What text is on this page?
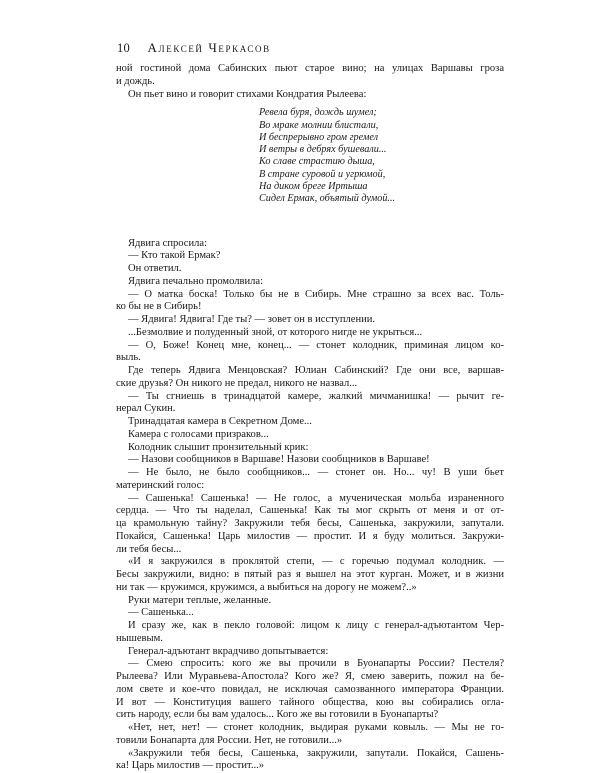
10 Алексей Черкасов
ной гостиной дома Сабинских пьют старое вино; на улицах Варшавы гроза
и дождь.
Он пьет вино и говорит стихами Кондратия Рылеева:
Ревела буря, дождь шумел;
Во мраке молнии блистали,
И беспрерывно гром гремел
И ветры в дебрях бушевали...
Ко славе страстию дыша,
В стране суровой и угрюмой,
На диком бреге Иртыша
Сидел Ермак, объятый думой...
Ядвига спросила:
— Кто такой Ермак?
Он ответил.
Ядвига печально промолвила:
— О матка боска! Только бы не в Сибирь. Мне страшно за всех вас. Толь-
ко бы не в Сибирь!
— Ядвига! Ядвига! Где ты? — зовет он в исступлении.
...Безмолвие и полуденный зной, от которого нигде не укрыться...
— О, Боже! Конец мне, конец... — стонет колодник, приминая лицом ко-
выль.
Где теперь Ядвига Менцовская? Юлиан Сабинский? Где они все, варшав-
ские друзья? Он никого не предал, никого не назвал...
— Ты сгниешь в тринадцатой камере, жалкий мичманишка! — рычит ге-
нерал Сукин.
Тринадцатая камера в Секретном Доме...
Камера с голосами призраков...
Колодник слышит пронзительный крик:
— Назови сообщников в Варшаве! Назови сообщников в Варшаве!
— Не было, не было сообщников... — стонет он. Но... чу! В уши бьет
материнский голос:
— Сашенька! Сашенька! — Не голос, а мученическая мольба израненного
сердца. — Что ты наделал, Сашенька! Как ты мог скрыть от меня и от от-
ца крамольную тайну? Закружили тебя бесы, Сашенька, закружили, запутали.
Покайся, Сашенька! Царь милостив — простит. И я буду молиться. Закружи-
ли тебя бесы...
«И я закружился в проклятой степи, — с горечью подумал колодник. —
Бесы закружили, видно: в пятый раз я вышел на этот курган. Может, и в жизни
ни так — кружимся, кружимся, а выбиться на дорогу не можем?..»
Руки матери теплые, желанные.
— Сашенька...
И сразу же, как в пекло головой: лицом к лицу с генерал-адъютантом Чер-
нышевым.
Генерал-адъютант вкрадчиво допытывается:
— Смею спросить: кого же вы прочили в Буонапарты России? Пестеля?
Рылеева? Или Муравьева-Апостола? Кого же? Я, смею заверить, пожил на бе-
лом свете и кое-что повидал, не исключая самозванного императора Франции.
И вот — Конституция вашего тайного общества, кою вы собирались огла-
сить народу, если бы вам удалось... Кого же вы готовили в Буонапарты?
«Нет, нет, нет! — стонет колодник, выдирая руками ковыль. — Мы не го-
товили Бонапарта для России. Нет, не готовили...»
«Закружили тебя бесы, Сашенька, закружили, запутали. Покайся, Сашень-
ка! Царь милостив — простит...»
